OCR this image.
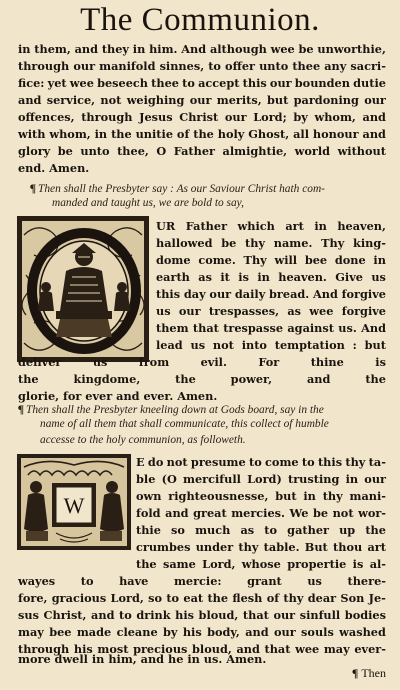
The Communion.
in them, and they in him. And although wee be unworthie,
through our manifold sinnes, to offer unto thee any sacri-
fice: yet wee beseech thee to accept this our bounden dutie
and service, not weighing our merits, but pardoning our
offences, through Jesus Christ our Lord; by whom, and
with whom, in the unitie of the holy Ghost, all honour and
glory be unto thee, O Father almightie, world without
end. Amen.
¶ Then shall the Presbyter say : As our Saviour Christ hath com-
manded and taught us, we are bold to say,
UR Father which art in heaven,
hallowed be thy name. Thy king-
dome come. Thy will bee done in
earth as it is in heaven. Give us
this day our daily bread. And forgive
us our trespasses, as wee forgive
them that trespasse against us. And
lead us not into temptation : but
deliver	us	from	evil.	For	thine	is
the	kingdome,	the	power,	and	the
glorie, for ever and ever. Amen.
¶ Then shall the Presbyter kneeling down at Gods board, say in the
name of all them that shall communicate, this collect of humble
accesse to the holy communion, as followeth.
W
E do not presume to come to this thy ta-
ble (O mercifull Lord) trusting in our
own righteousnesse, but in thy mani-
fold and great mercies. We be not wor-
thie so much as to gather up the
crumbes under thy table. But thou art
the same Lord, whose propertie is al-
wayes to have mercie: grant us there-
fore, gracious Lord, so to eat the flesh of thy dear Son Je-
sus Christ, and to drink his bloud, that our sinfull bodies
may bee made cleane by his body, and our souls washed
through his most precious bloud, and that wee may ever-
more dwell in him, and he in us. Amen.
¶ Then
